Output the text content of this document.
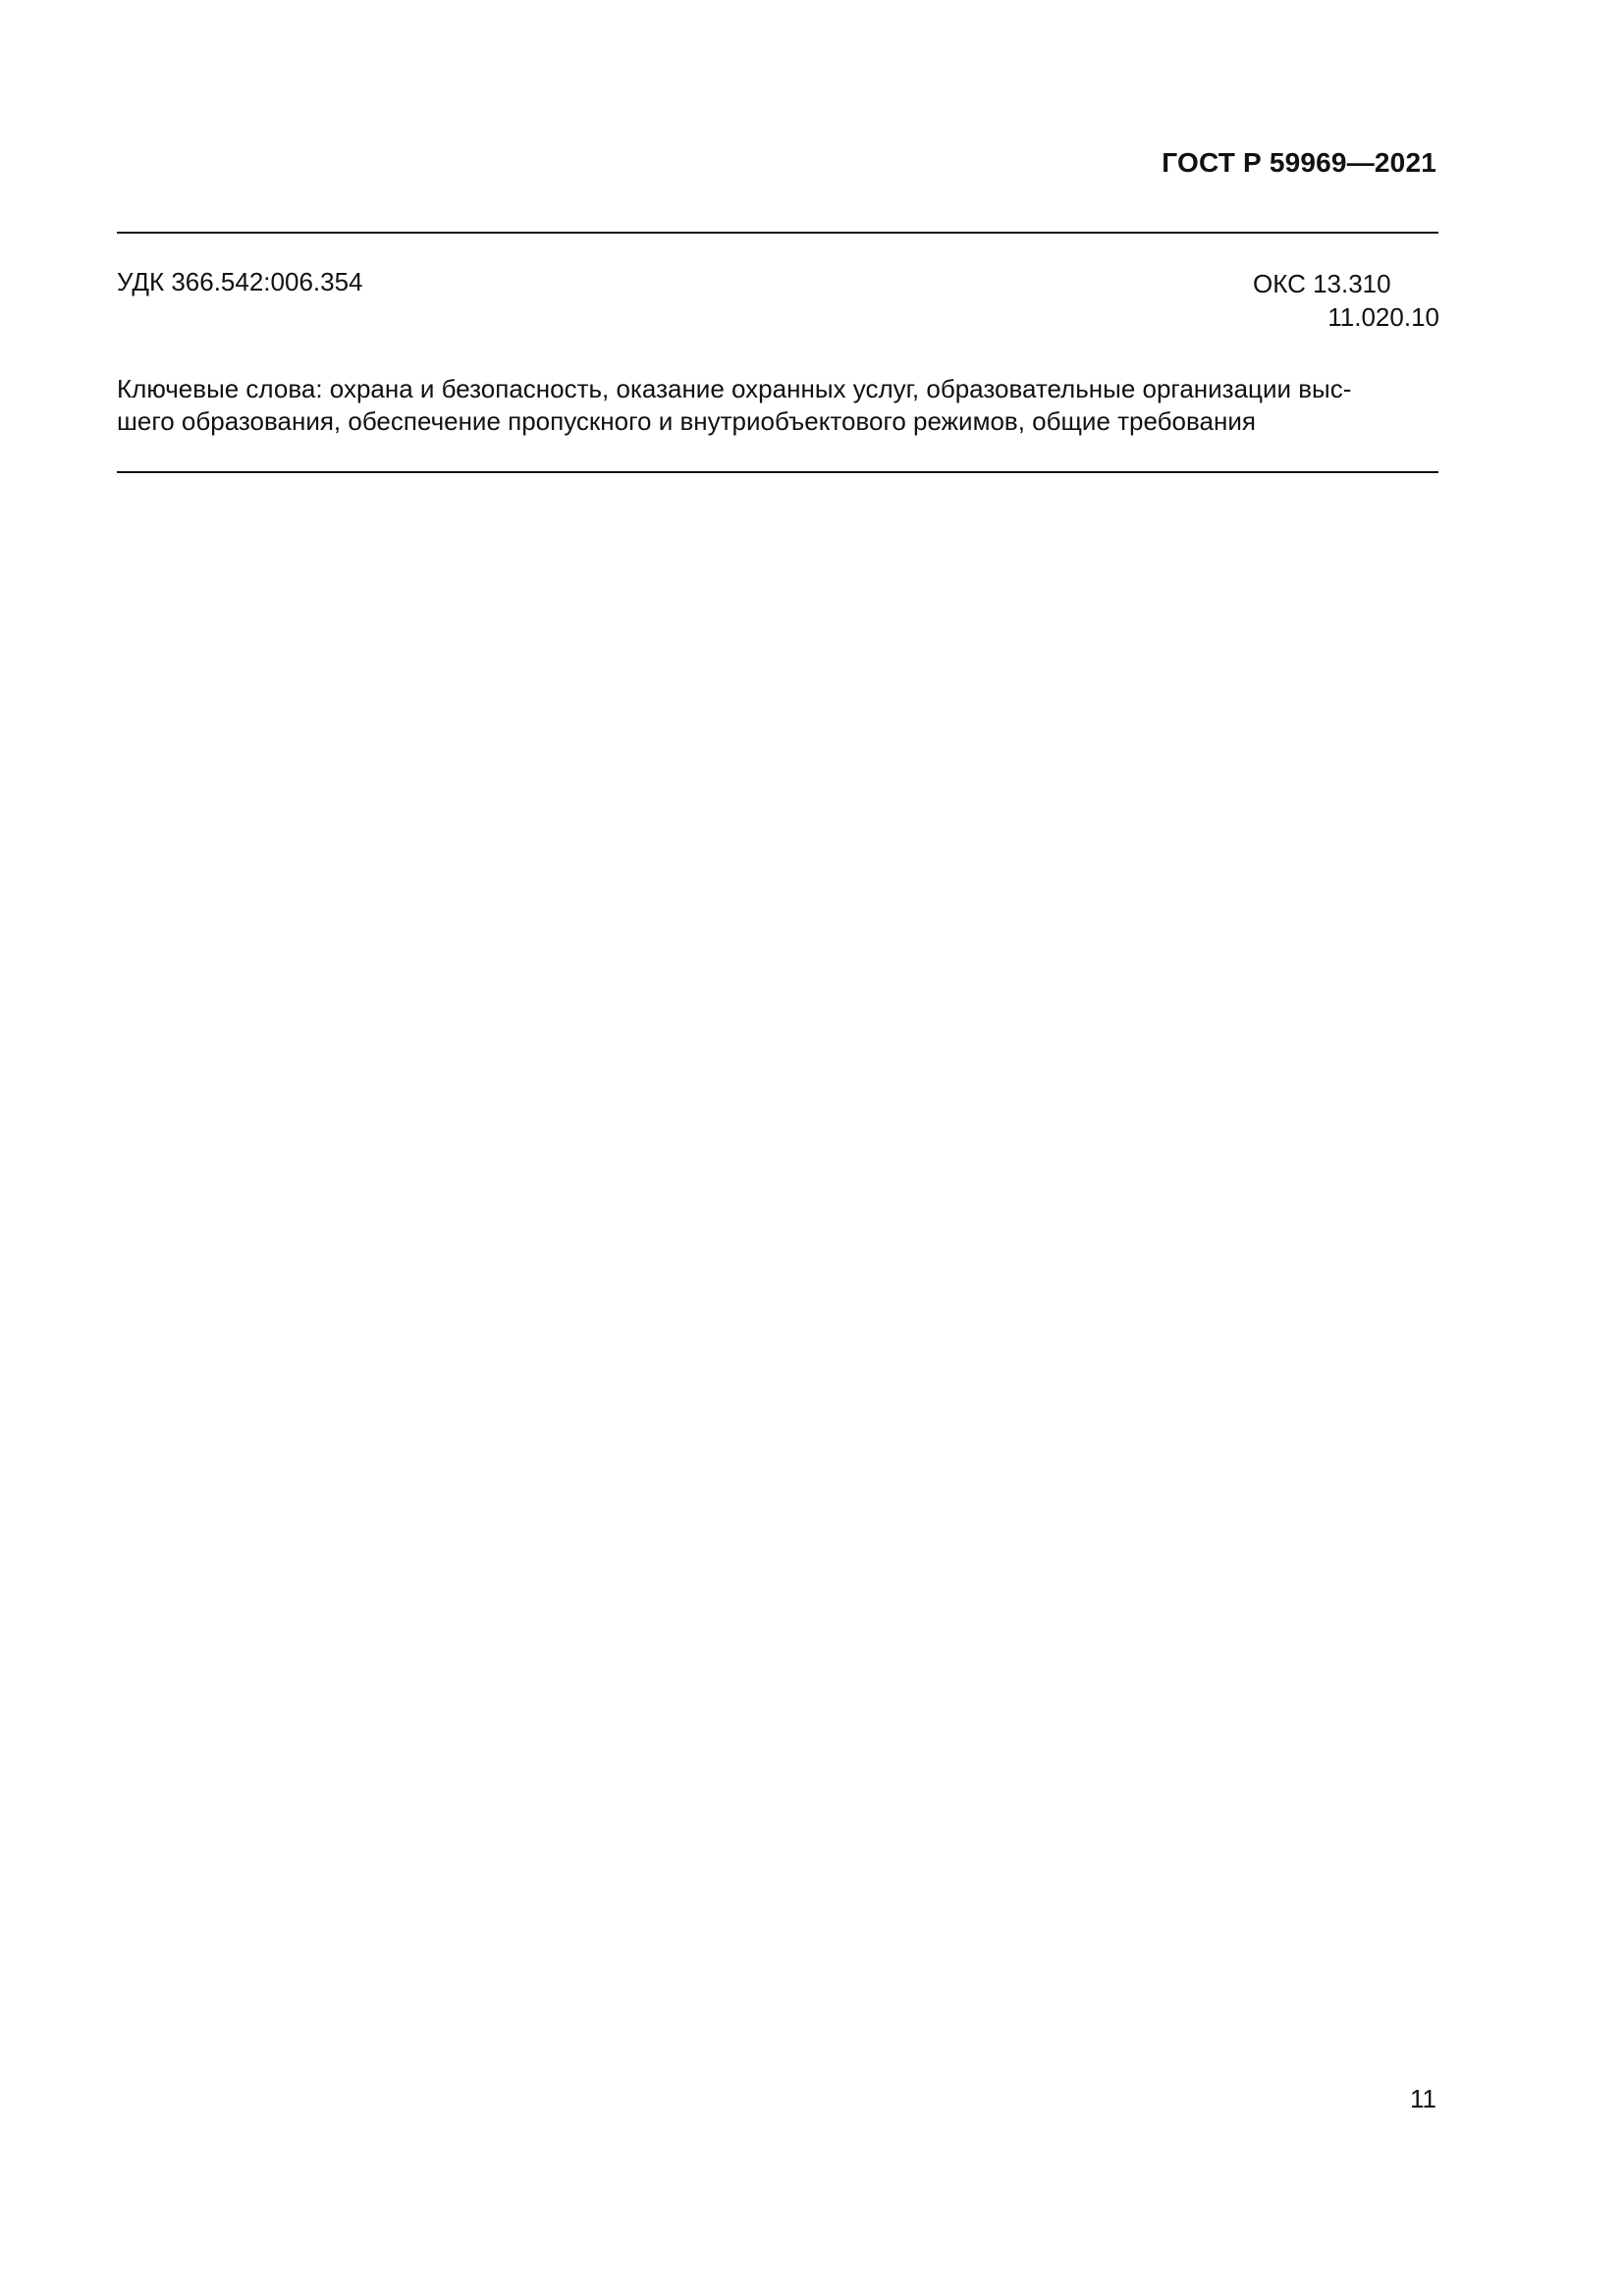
ГОСТ Р 59969—2021
УДК 366.542:006.354	ОКС 13.310
11.020.10
Ключевые слова: охрана и безопасность, оказание охранных услуг, образовательные организации выс-
шего образования, обеспечение пропускного и внутриобъектового режимов, общие требования
11
